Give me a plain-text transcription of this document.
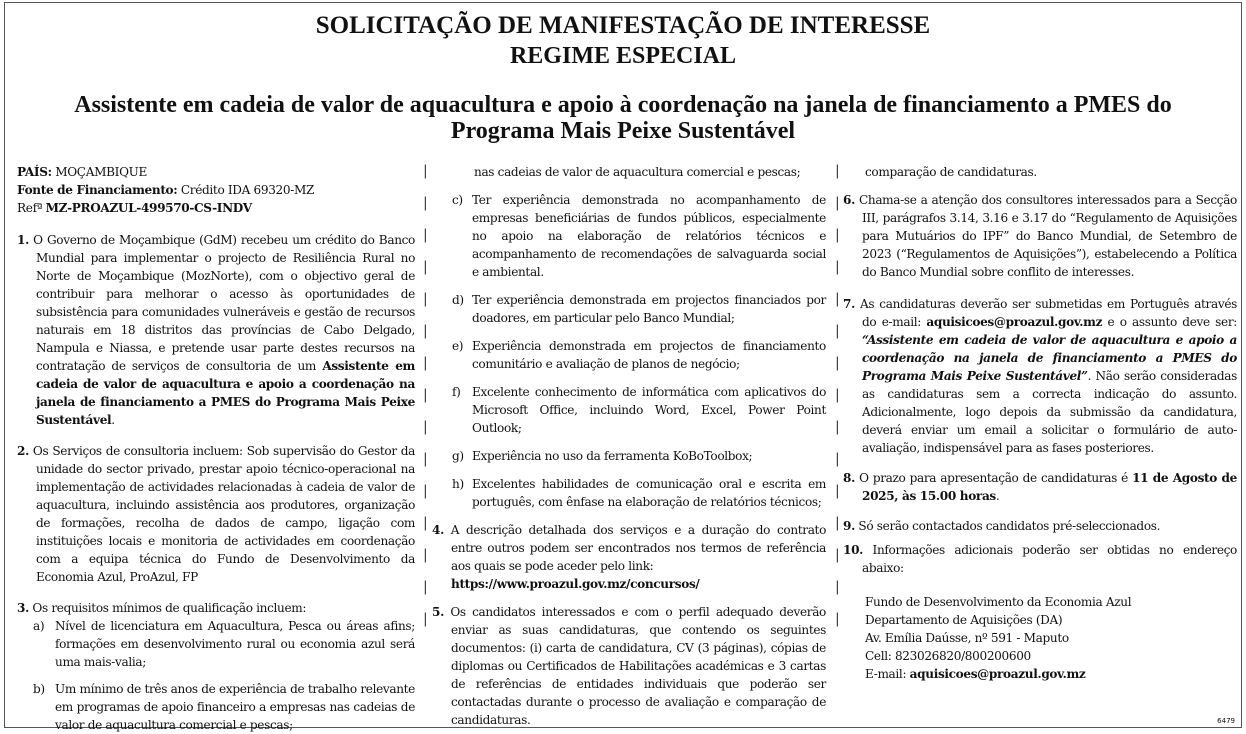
SOLICITAÇÃO DE MANIFESTAÇÃO DE INTERESSE
REGIME ESPECIAL
Assistente em cadeia de valor de aquacultura e apoio à coordenação na janela de financiamento a PMES do
Programa Mais Peixe Sustentável
PAÍS: MOÇAMBIQUE
Fonte de Financiamento: Crédito IDA 69320-MZ
Refª MZ-PROAZUL-499570-CS-INDV
1. O Governo de Moçambique (GdM) recebeu um crédito do Banco Mundial para implementar o projecto de Resiliência Rural no Norte de Moçambique (MozNorte), com o objectivo geral de contribuir para melhorar o acesso às oportunidades de subsistência para comunidades vulneráveis e gestão de recursos naturais em 18 distritos das províncias de Cabo Delgado, Nampula e Niassa, e pretende usar parte destes recursos na contratação de serviços de consultoria de um Assistente em cadeia de valor de aquacultura e apoio a coordenação na janela de financiamento a PMES do Programa Mais Peixe Sustentável.
2. Os Serviços de consultoria incluem: Sob supervisão do Gestor da unidade do sector privado, prestar apoio técnico-operacional na implementação de actividades relacionadas à cadeia de valor de aquacultura, incluindo assistência aos produtores, organização de formações, recolha de dados de campo, ligação com instituições locais e monitoria de actividades em coordenação com a equipa técnica do Fundo de Desenvolvimento da Economia Azul, ProAzul, FP
3. Os requisitos mínimos de qualificação incluem:
a) Nível de licenciatura em Aquacultura, Pesca ou áreas afins; formações em desenvolvimento rural ou economia azul será uma mais-valia;
b) Um mínimo de três anos de experiência de trabalho relevante em programas de apoio financeiro a empresas nas cadeias de valor de aquacultura comercial e pescas;
|

|

|

|

|

|

|

|

|

|

|

|

|

|

|
nas cadeias de valor de aquacultura comercial e pescas;
c) Ter experiência demonstrada no acompanhamento de empresas beneficiárias de fundos públicos, especialmente no apoio na elaboração de relatórios técnicos e acompanhamento de recomendações de salvaguarda social e ambiental.
d) Ter experiência demonstrada em projectos financiados por doadores, em particular pelo Banco Mundial;
e) Experiência demonstrada em projectos de financiamento comunitário e avaliação de planos de negócio;
f) Excelente conhecimento de informática com aplicativos do Microsoft Office, incluindo Word, Excel, Power Point Outlook;
g) Experiência no uso da ferramenta KoBoToolbox;
h) Excelentes habilidades de comunicação oral e escrita em português, com ênfase na elaboração de relatórios técnicos;
4. A descrição detalhada dos serviços e a duração do contrato entre outros podem ser encontrados nos termos de referência aos quais se pode aceder pelo link:
https://www.proazul.gov.mz/concursos/
5. Os candidatos interessados e com o perfil adequado deverão enviar as suas candidaturas, que contendo os seguintes documentos: (i) carta de candidatura, CV (3 páginas), cópias de diplomas ou Certificados de Habilitações académicas e 3 cartas de referências de entidades individuais que poderão ser contactadas durante o processo de avaliação e comparação de candidaturas.
|

|

|

|

|

|

|

|

|

|

|

|

|

|

|
comparação de candidaturas.
6. Chama-se a atenção dos consultores interessados para a Secção III, parágrafos 3.14, 3.16 e 3.17 do “Regulamento de Aquisições para Mutuários do IPF” do Banco Mundial, de Setembro de 2023 (“Regulamentos de Aquisições”), estabelecendo a Política do Banco Mundial sobre conflito de interesses.
7. As candidaturas deverão ser submetidas em Português através do e-mail: aquisicoes@proazul.gov.mz e o assunto deve ser: “Assistente em cadeia de valor de aquacultura e apoio a coordenação na janela de financiamento a PMES do Programa Mais Peixe Sustentável”. Não serão consideradas as candidaturas sem a correcta indicação do assunto. Adicionalmente, logo depois da submissão da candidatura, deverá enviar um email a solicitar o formulário de auto-avaliação, indispensável para as fases posteriores.
8. O prazo para apresentação de candidaturas é 11 de Agosto de 2025, às 15.00 horas.
9. Só serão contactados candidatos pré-seleccionados.
10. Informações adicionais poderão ser obtidas no endereço abaixo:
Fundo de Desenvolvimento da Economia Azul
Departamento de Aquisições (DA)
Av. Emília Daússe, nº 591 - Maputo
Cell: 823026820/800200600
E-mail: aquisicoes@proazul.gov.mz
6479
